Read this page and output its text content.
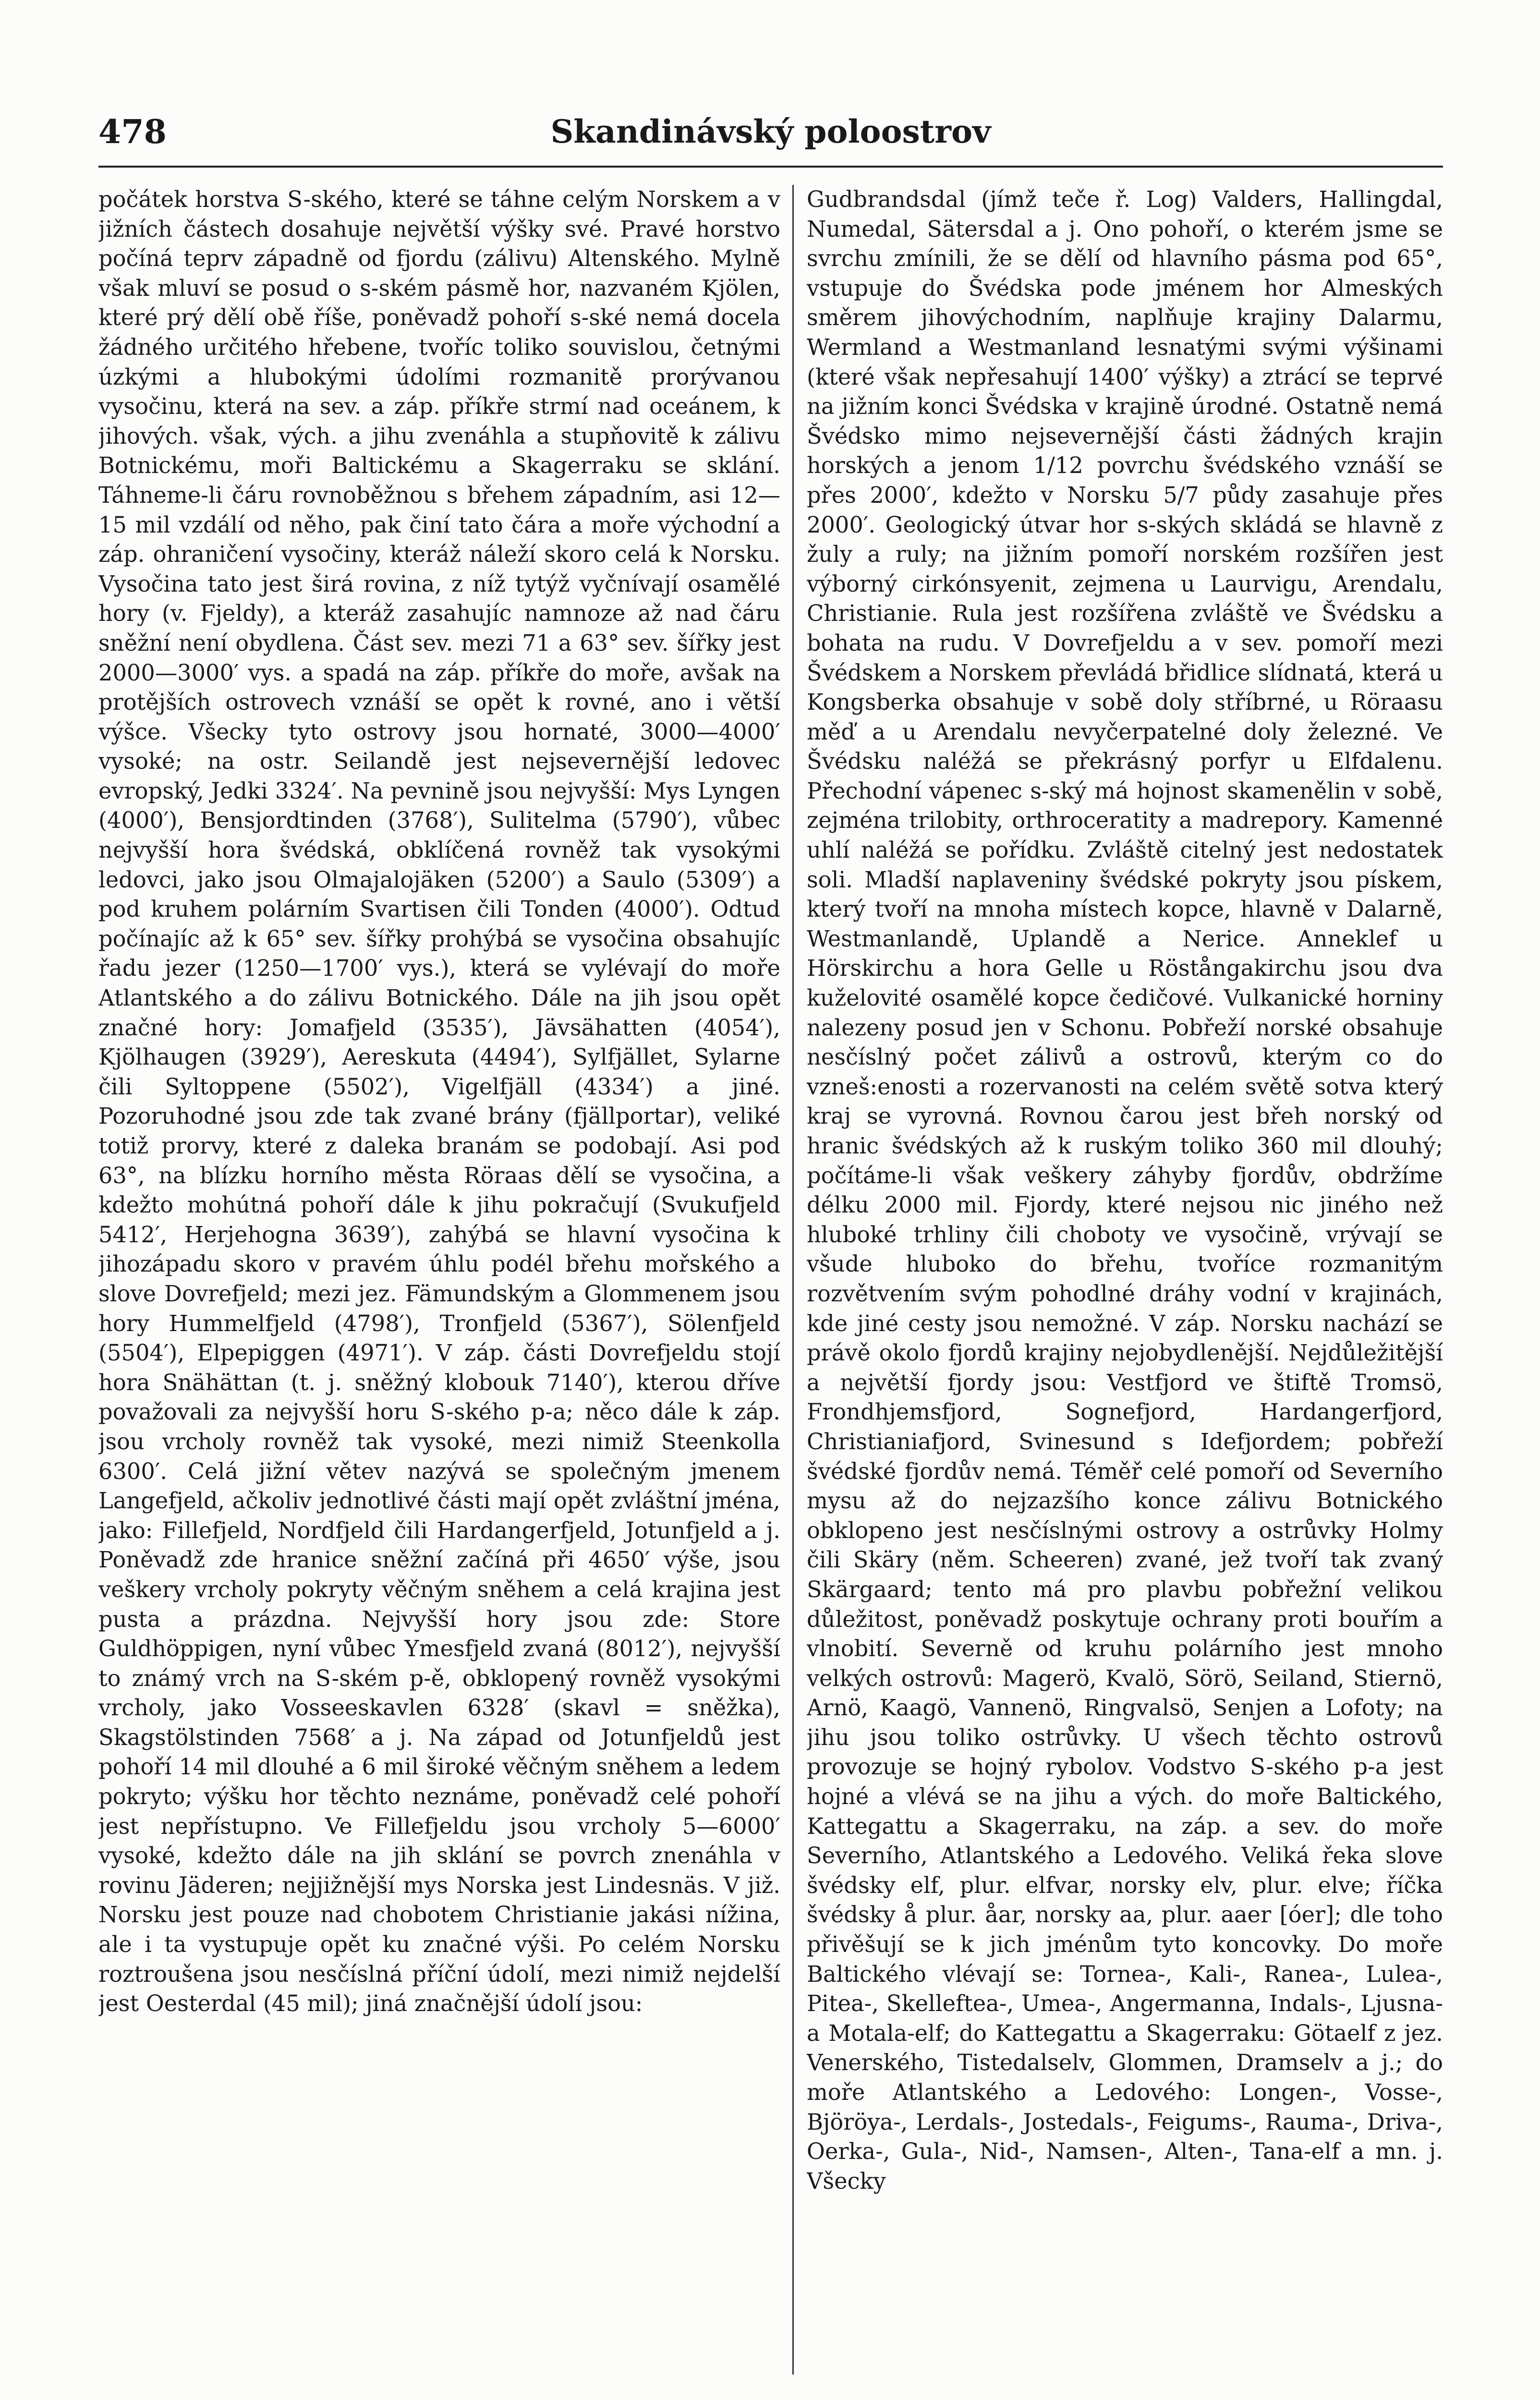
478	Skandinávský poloostrov

počátek horstva S-ského, které se táhne celým Norskem a v jižních částech dosahuje největší výšky své. Pravé horstvo počíná teprv západně od fjordu (zálivu) Altenského. Mylně však mluví se posud o s-ském pásmě hor, nazvaném Kjölen, které prý dělí obě říše, poněvadž pohoří s-ské nemá docela žádného určitého hřebene, tvoříc toliko souvislou, četnými úzkými a hlubokými údolími rozmanitě prorývanou vysočinu, která na sev. a záp. příkře strmí nad oceánem, k jihových. však, vých. a jihu zvenáhla a stupňovitě k zálivu Botnickému, moři Baltickému a Skagerraku se sklání. Táhneme-li čáru rovnoběžnou s břehem západním, asi 12—15 mil vzdálí od něho, pak činí tato čára a moře východní a záp. ohraničení vysočiny, kteráž náleží skoro celá k Norsku. Vysočina tato jest širá rovina, z níž tytýž vyčnívají osamělé hory (v. Fjeldy), a kteráž zasahujíc namnoze až nad čáru sněžní není obydlena. Část sev. mezi 71 a 63° sev. šířky jest 2000—3000′ vys. a spadá na záp. příkře do moře, avšak na protějších ostrovech vznáší se opět k rovné, ano i větší výšce. Všecky tyto ostrovy jsou hornaté, 3000—4000′ vysoké; na ostr. Seilandě jest nejsevernější ledovec evropský, Jedki 3324′. Na pevnině jsou nejvyšší: Mys Lyngen (4000′), Bensjordtinden (3768′), Sulitelma (5790′), vůbec nejvyšší hora švédská, obklíčená rovněž tak vysokými ledovci, jako jsou Olmajalojäken (5200′) a Saulo (5309′) a pod kruhem polárním Svartisen čili Tonden (4000′). Odtud počínajíc až k 65° sev. šířky prohýbá se vysočina obsahujíc řadu jezer (1250—1700′ vys.), která se vylévají do moře Atlantského a do zálivu Botnického. Dále na jih jsou opět značné hory: Jomafjeld (3535′), Jävsähatten (4054′), Kjölhaugen (3929′), Aereskuta (4494′), Sylfjället, Sylarne čili Syltoppene (5502′), Vigelfjäll (4334′) a jiné. Pozoruhodné jsou zde tak zvané brány (fjällportar), veliké totiž prorvy, které z daleka branám se podobají. Asi pod 63°, na blízku horního města Röraas dělí se vysočina, a kdežto mohútná pohoří dále k jihu pokračují (Svukufjeld 5412′, Herjehogna 3639′), zahýbá se hlavní vysočina k jihozápadu skoro v pravém úhlu podél břehu mořského a slove Dovrefjeld; mezi jez. Fämundským a Glommenem jsou hory Hummelfjeld (4798′), Tronfjeld (5367′), Sölenfjeld (5504′), Elpepiggen (4971′). V záp. části Dovrefjeldu stojí hora Snähättan (t. j. sněžný klobouk 7140′), kterou dříve považovali za nejvyšší horu S-ského p-a; něco dále k záp. jsou vrcholy rovněž tak vysoké, mezi nimiž Steenkolla 6300′. Celá jižní větev nazývá se společným jmenem Langefjeld, ačkoliv jednotlivé části mají opět zvláštní jména, jako: Fillefjeld, Nordfjeld čili Hardangerfjeld, Jotunfjeld a j. Poněvadž zde hranice sněžní začíná při 4650′ výše, jsou veškery vrcholy pokryty věčným sněhem a celá krajina jest pusta a prázdna. Nejvyšší hory jsou zde: Store Guldhöppigen, nyní vůbec Ymesfjeld zvaná (8012′), nejvyšší to známý vrch na S-ském p-ě, obklopený rovněž vysokými vrcholy, jako Vosseeskavlen 6328′ (skavl = sněžka), Skagstölstinden 7568′ a j. Na západ od Jotunfjeldů jest pohoří 14 mil dlouhé a 6 mil široké věčným sněhem a ledem pokryto; výšku hor těchto neznáme, poněvadž celé pohoří jest nepřístupno. Ve Fillefjeldu jsou vrcholy 5—6000′ vysoké, kdežto dále na jih sklání se povrch znenáhla v rovinu Jäderen; nejjižnější mys Norska jest Lindesnäs. V již. Norsku jest pouze nad chobotem Christianie jakási nížina, ale i ta vystupuje opět ku značné výši. Po celém Norsku roztroušena jsou nesčíslná příční údolí, mezi nimiž nejdelší jest Oesterdal (45 mil); jiná značnější údolí jsou:

Gudbrandsdal (jímž teče ř. Log) Valders, Hallingdal, Numedal, Sätersdal a j. Ono pohoří, o kterém jsme se svrchu zmínili, že se dělí od hlavního pásma pod 65°, vstupuje do Švédska pode jménem hor Almeských směrem jihovýchodním, naplňuje krajiny Dalarmu, Wermland a Westmanland lesnatými svými výšinami (které však nepřesahují 1400′ výšky) a ztrácí se teprvé na jižním konci Švédska v krajině úrodné. Ostatně nemá Švédsko mimo nejsevernější části žádných krajin horských a jenom 1/12 povrchu švédského vznáší se přes 2000′, kdežto v Norsku 5/7 půdy zasahuje přes 2000′. Geologický útvar hor s-ských skládá se hlavně z žuly a ruly; na jižním pomoří norském rozšířen jest výborný cirkónsyenit, zejmena u Laurvigu, Arendalu, Christianie. Rula jest rozšířena zvláště ve Švédsku a bohata na rudu. V Dovrefjeldu a v sev. pomoří mezi Švédskem a Norskem převládá břidlice slídnatá, která u Kongsberka obsahuje v sobě doly stříbrné, u Röraasu měď a u Arendalu nevyčerpatelné doly železné. Ve Švédsku naléžá se překrásný porfyr u Elfdalenu. Přechodní vápenec s-ský má hojnost skamenělin v sobě, zejména trilobity, orthroceratity a madrepory. Kamenné uhlí naléžá se pořídku. Zvláště citelný jest nedostatek soli. Mladší naplaveniny švédské pokryty jsou pískem, který tvoří na mnoha místech kopce, hlavně v Dalarně, Westmanlandě, Uplandě a Nerice. Anneklef u Hörskirchu a hora Gelle u Röstångakirchu jsou dva kuželovité osamělé kopce čedičové. Vulkanické horniny nalezeny posud jen v Schonu. Pobřeží norské obsahuje nesčíslný počet zálivů a ostrovů, kterým co do vzneš:enosti a rozervanosti na celém světě sotva který kraj se vyrovná. Rovnou čarou jest břeh norský od hranic švédských až k ruským toliko 360 mil dlouhý; počítáme-li však veškery záhyby fjordův, obdržíme délku 2000 mil. Fjordy, které nejsou nic jiného než hluboké trhliny čili choboty ve vysočině, vrývají se všude hluboko do břehu, tvoříce rozmanitým rozvětvením svým pohodlné dráhy vodní v krajinách, kde jiné cesty jsou nemožné. V záp. Norsku nachází se právě okolo fjordů krajiny nejobydlenější. Nejdůležitější a největší fjordy jsou: Vestfjord ve štiftě Tromsö, Frondhjemsfjord, Sognefjord, Hardangerfjord, Christianiafjord, Svinesund s Idefjordem; pobřeží švédské fjordův nemá. Téměř celé pomoří od Severního mysu až do nejzazšího konce zálivu Botnického obklopeno jest nesčíslnými ostrovy a ostrůvky Holmy čili Skäry (něm. Scheeren) zvané, jež tvoří tak zvaný Skärgaard; tento má pro plavbu pobřežní velikou důležitost, poněvadž poskytuje ochrany proti bouřím a vlnobití. Severně od kruhu polárního jest mnoho velkých ostrovů: Magerö, Kvalö, Sörö, Seiland, Stiernö, Arnö, Kaagö, Vannenö, Ringvalsö, Senjen a Lofoty; na jihu jsou toliko ostrůvky. U všech těchto ostrovů provozuje se hojný rybolov. Vodstvo S-ského p-a jest hojné a vlévá se na jihu a vých. do moře Baltického, Kattegattu a Skagerraku, na záp. a sev. do moře Severního, Atlantského a Ledového. Veliká řeka slove švédsky elf, plur. elfvar, norsky elv, plur. elve; říčka švédsky å plur. åar, norsky aa, plur. aaer [óer]; dle toho přivěšují se k jich jménům tyto koncovky. Do moře Baltického vlévají se: Tornea-, Kali-, Ranea-, Lulea-, Pitea-, Skelleftea-, Umea-, Angermanna, Indals-, Ljusna- a Motala-elf; do Kattegattu a Skagerraku: Götaelf z jez. Venerského, Tistedalselv, Glommen, Dramselv a j.; do moře Atlantského a Ledového: Longen-, Vosse-, Björöya-, Lerdals-, Jostedals-, Feigums-, Rauma-, Driva-, Oerka-, Gula-, Nid-, Namsen-, Alten-, Tana-elf a mn. j. Všecky
